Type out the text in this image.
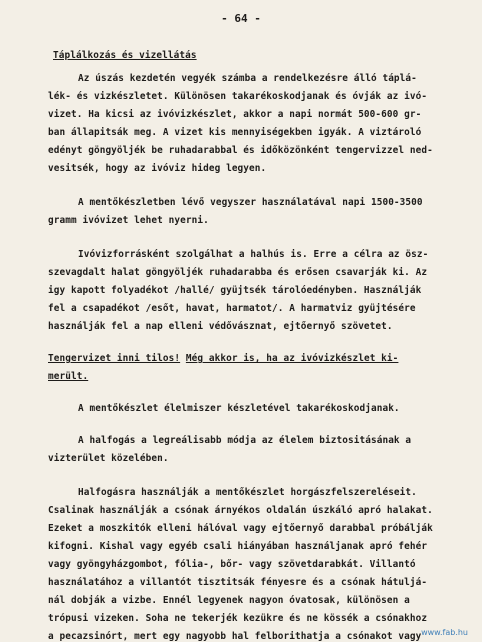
- 64 -
Táplálkozás és vizellátás
Az úszás kezdetén vegyék számba a rendelkezésre álló táplá-
lék- és vizkészletet. Különösen takarékoskodjanak és óvják az ivó-
vizet. Ha kicsi az ivóvizkészlet, akkor a napi normát 500-600 gr-
ban állapitsák meg. A vizet kis mennyiségekben igyák. A viztároló
edényt göngyöljék be ruhadarabbal és időközönként tengervizzel ned-
vesitsék, hogy az ivóviz hideg legyen.
A mentőkészletben lévő vegyszer használatával napi 1500-3500
gramm ivóvizet lehet nyerni.
Ivóvizforrásként szolgálhat a halhús is. Erre a célra az ösz-
szevagdalt halat göngyöljék ruhadarabba és erősen csavarják ki. Az
igy kapott folyadékot /hallé/ gyüjtsék tárolóedényben. Használják
fel a csapadékot /esőt, havat, harmatot/. A harmatviz gyüjtésére
használják fel a nap elleni védővásznat, ejtőernyő szövetet.
Tengervizet inni tilos! Még akkor is, ha az ivóvizkészlet ki-
merült.
A mentőkészlet élelmiszer készletével takarékoskodjanak.
A halfogás a legreálisabb módja az élelem biztositásának a
vizterület közelében.
Halfogásra használják a mentőkészlet horgászfelszereléseit.
Csalinak használják a csónak árnyékos oldalán úszkáló apró halakat.
Ezeket a moszkitók elleni hálóval vagy ejtőernyő darabbal próbálják
kifogni. Kishal vagy egyéb csali hiányában használjanak apró fehér
vagy gyöngyházgombot, fólia-, bőr- vagy szövetdarabkát. Villantó
használatához a villantót tisztitsák fényesre és a csónak hátuljá-
nál dobják a vizbe. Ennél legyenek nagyon óvatosak, különösen a
trópusi vizeken. Soha ne tekerjék kezükre és ne kössék a csónakhoz
a pecazsinórt, mert egy nagyobb hal felborithatja a csónakot vagy www.fab.hu
